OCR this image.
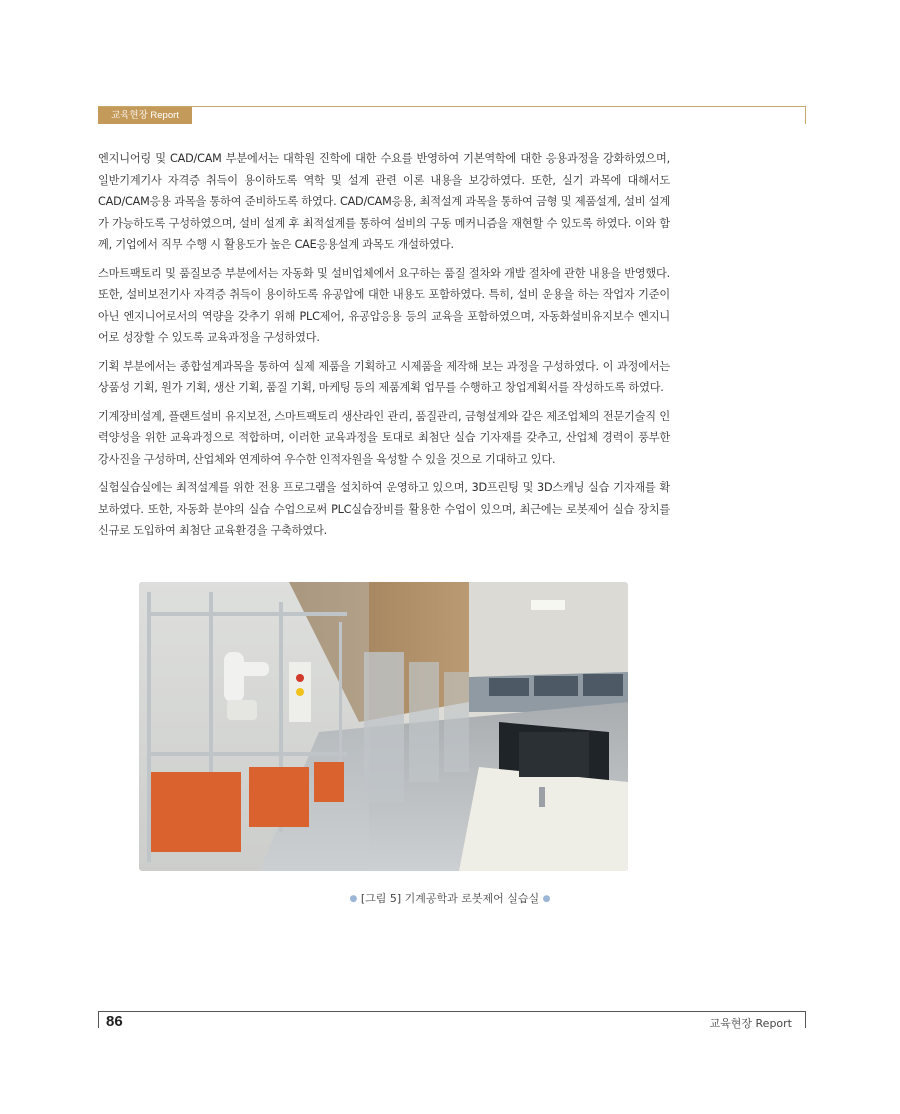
교육현장 Report

엔지니어링 및 CAD/CAM 부분에서는 대학원 진학에 대한 수요를 반영하여 기본역학에 대한 응용과정을 강화하였으며, 일반기계기사 자격증 취득이 용이하도록 역학 및 설계 관련 이론 내용을 보강하였다. 또한, 실기 과목에 대해서도 CAD/CAM응용 과목을 통하여 준비하도록 하였다. CAD/CAM응용, 최적설계 과목을 통하여 금형 및 제품설계, 설비 설계가 가능하도록 구성하였으며, 설비 설계 후 최적설계를 통하여 설비의 구동 메커니즘을 재현할 수 있도록 하였다. 이와 함께, 기업에서 직무 수행 시 활용도가 높은 CAE응용설계 과목도 개설하였다.

스마트팩토리 및 품질보증 부분에서는 자동화 및 설비업체에서 요구하는 품질 절차와 개발 절차에 관한 내용을 반영했다. 또한, 설비보전기사 자격증 취득이 용이하도록 유공압에 대한 내용도 포함하였다. 특히, 설비 운용을 하는 작업자 기준이 아닌 엔지니어로서의 역량을 갖추기 위해 PLC제어, 유공압응용 등의 교육을 포함하였으며, 자동화설비유지보수 엔지니어로 성장할 수 있도록 교육과정을 구성하였다.

기획 부분에서는 종합설계과목을 통하여 실제 제품을 기획하고 시제품을 제작해 보는 과정을 구성하였다. 이 과정에서는 상품성 기획, 원가 기획, 생산 기획, 품질 기획, 마케팅 등의 제품계획 업무를 수행하고 창업계획서를 작성하도록 하였다.

기계장비설계, 플랜트설비 유지보전, 스마트팩토리 생산라인 관리, 품질관리, 금형설계와 같은 제조업체의 전문기술직 인력양성을 위한 교육과정으로 적합하며, 이러한 교육과정을 토대로 최첨단 실습 기자재를 갖추고, 산업체 경력이 풍부한 강사진을 구성하며, 산업체와 연계하여 우수한 인적자원을 육성할 수 있을 것으로 기대하고 있다.

실험실습실에는 최적설계를 위한 전용 프로그램을 설치하여 운영하고 있으며, 3D프린팅 및 3D스캐닝 실습 기자재를 확보하였다. 또한, 자동화 분야의 실습 수업으로써 PLC실습장비를 활용한 수업이 있으며, 최근에는 로봇제어 실습 장치를 신규로 도입하여 최첨단 교육환경을 구축하였다.

● [그림 5] 기계공학과 로봇제어 실습실 ●
86	교육현장 Report
